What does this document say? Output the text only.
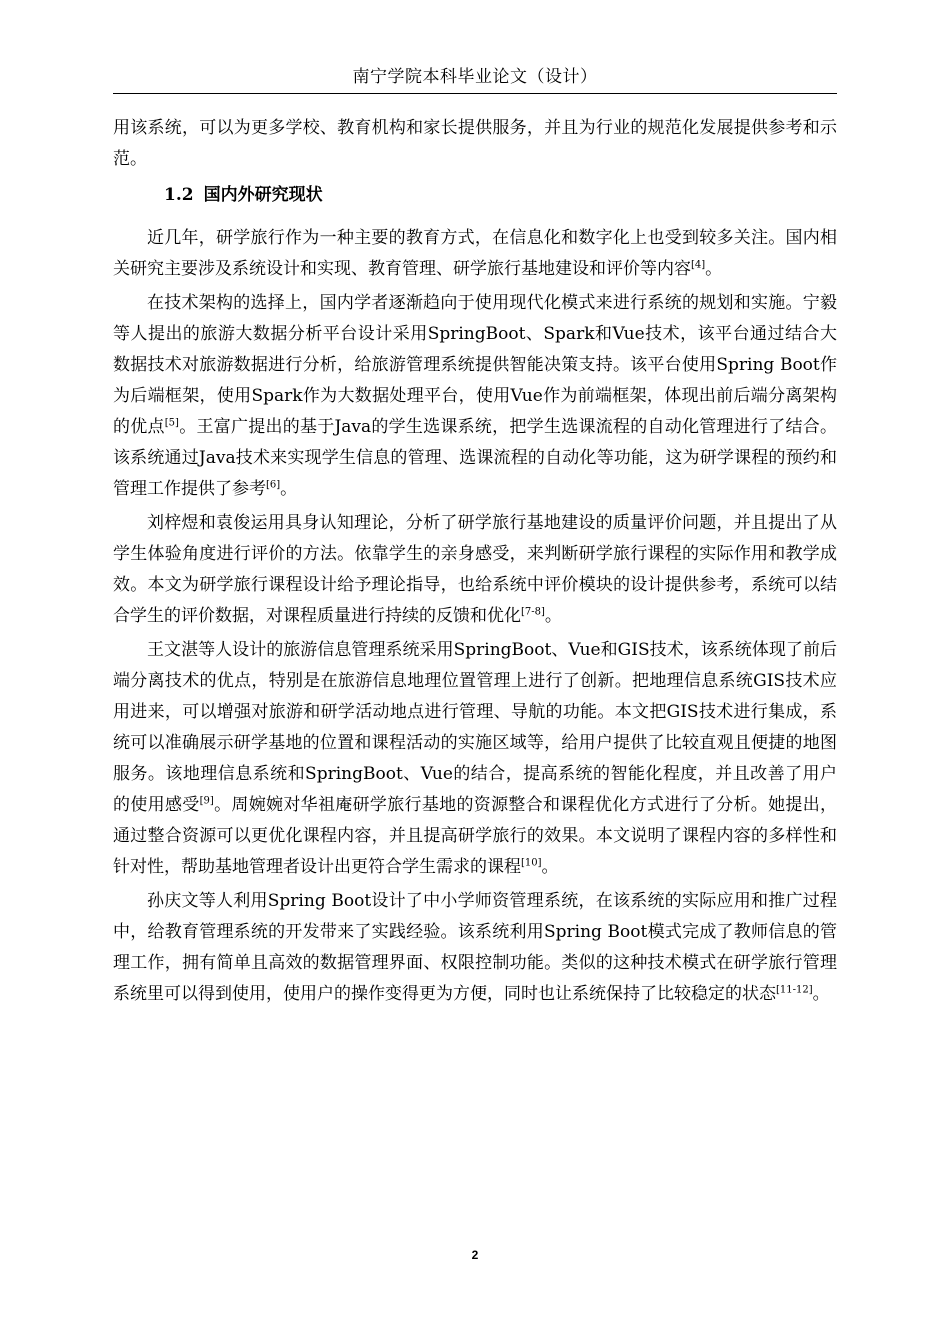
南宁学院本科毕业论文（设计）

用该系统，可以为更多学校、教育机构和家长提供服务，并且为行业的规范化发展提供参考和示范。

1.2 国内外研究现状

近几年，研学旅行作为一种主要的教育方式，在信息化和数字化上也受到较多关注。国内相关研究主要涉及系统设计和实现、教育管理、研学旅行基地建设和评价等内容[4]。

在技术架构的选择上，国内学者逐渐趋向于使用现代化模式来进行系统的规划和实施。宁毅等人提出的旅游大数据分析平台设计采用SpringBoot、Spark和Vue技术，该平台通过结合大数据技术对旅游数据进行分析，给旅游管理系统提供智能决策支持。该平台使用Spring Boot作为后端框架，使用Spark作为大数据处理平台，使用Vue作为前端框架，体现出前后端分离架构的优点[5]。王富广提出的基于Java的学生选课系统，把学生选课流程的自动化管理进行了结合。该系统通过Java技术来实现学生信息的管理、选课流程的自动化等功能，这为研学课程的预约和管理工作提供了参考[6]。

刘梓煜和袁俊运用具身认知理论，分析了研学旅行基地建设的质量评价问题，并且提出了从学生体验角度进行评价的方法。依靠学生的亲身感受，来判断研学旅行课程的实际作用和教学成效。本文为研学旅行课程设计给予理论指导，也给系统中评价模块的设计提供参考，系统可以结合学生的评价数据，对课程质量进行持续的反馈和优化[7-8]。

王文湛等人设计的旅游信息管理系统采用SpringBoot、Vue和GIS技术，该系统体现了前后端分离技术的优点，特别是在旅游信息地理位置管理上进行了创新。把地理信息系统GIS技术应用进来，可以增强对旅游和研学活动地点进行管理、导航的功能。本文把GIS技术进行集成，系统可以准确展示研学基地的位置和课程活动的实施区域等，给用户提供了比较直观且便捷的地图服务。该地理信息系统和SpringBoot、Vue的结合，提高系统的智能化程度，并且改善了用户的使用感受[9]。周婉婉对华祖庵研学旅行基地的资源整合和课程优化方式进行了分析。她提出，通过整合资源可以更优化课程内容，并且提高研学旅行的效果。本文说明了课程内容的多样性和针对性，帮助基地管理者设计出更符合学生需求的课程[10]。

孙庆文等人利用Spring Boot设计了中小学师资管理系统，在该系统的实际应用和推广过程中，给教育管理系统的开发带来了实践经验。该系统利用Spring Boot模式完成了教师信息的管理工作，拥有简单且高效的数据管理界面、权限控制功能。类似的这种技术模式在研学旅行管理系统里可以得到使用，使用户的操作变得更为方便，同时也让系统保持了比较稳定的状态[11-12]。

2
